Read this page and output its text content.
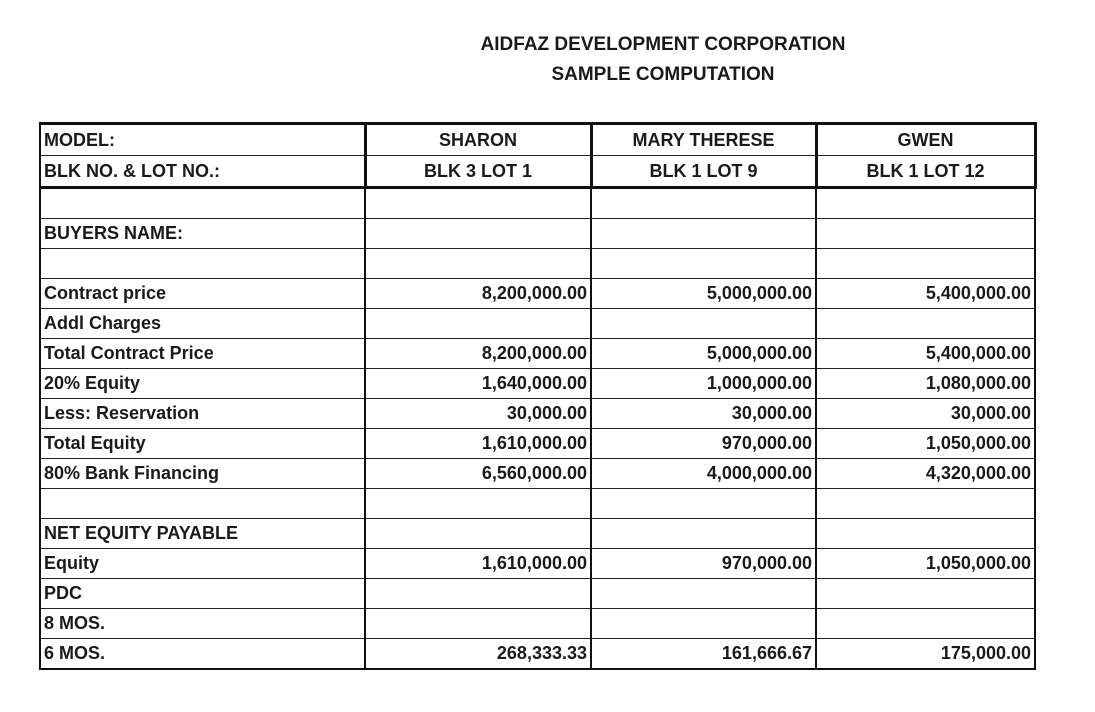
AIDFAZ DEVELOPMENT CORPORATION
SAMPLE COMPUTATION
MODEL:	SHARON	MARY THERESE	GWEN
BLK NO. & LOT NO.:	BLK 3 LOT 1	BLK 1 LOT 9	BLK 1 LOT 12

BUYERS NAME:			

Contract price	8,200,000.00	5,000,000.00	5,400,000.00
Addl Charges			
Total Contract Price	8,200,000.00	5,000,000.00	5,400,000.00
20% Equity	1,640,000.00	1,000,000.00	1,080,000.00
Less: Reservation	30,000.00	30,000.00	30,000.00
Total Equity	1,610,000.00	970,000.00	1,050,000.00
80% Bank Financing	6,560,000.00	4,000,000.00	4,320,000.00

NET EQUITY PAYABLE			
Equity	1,610,000.00	970,000.00	1,050,000.00
PDC			
8 MOS.			
6 MOS.	268,333.33	161,666.67	175,000.00
